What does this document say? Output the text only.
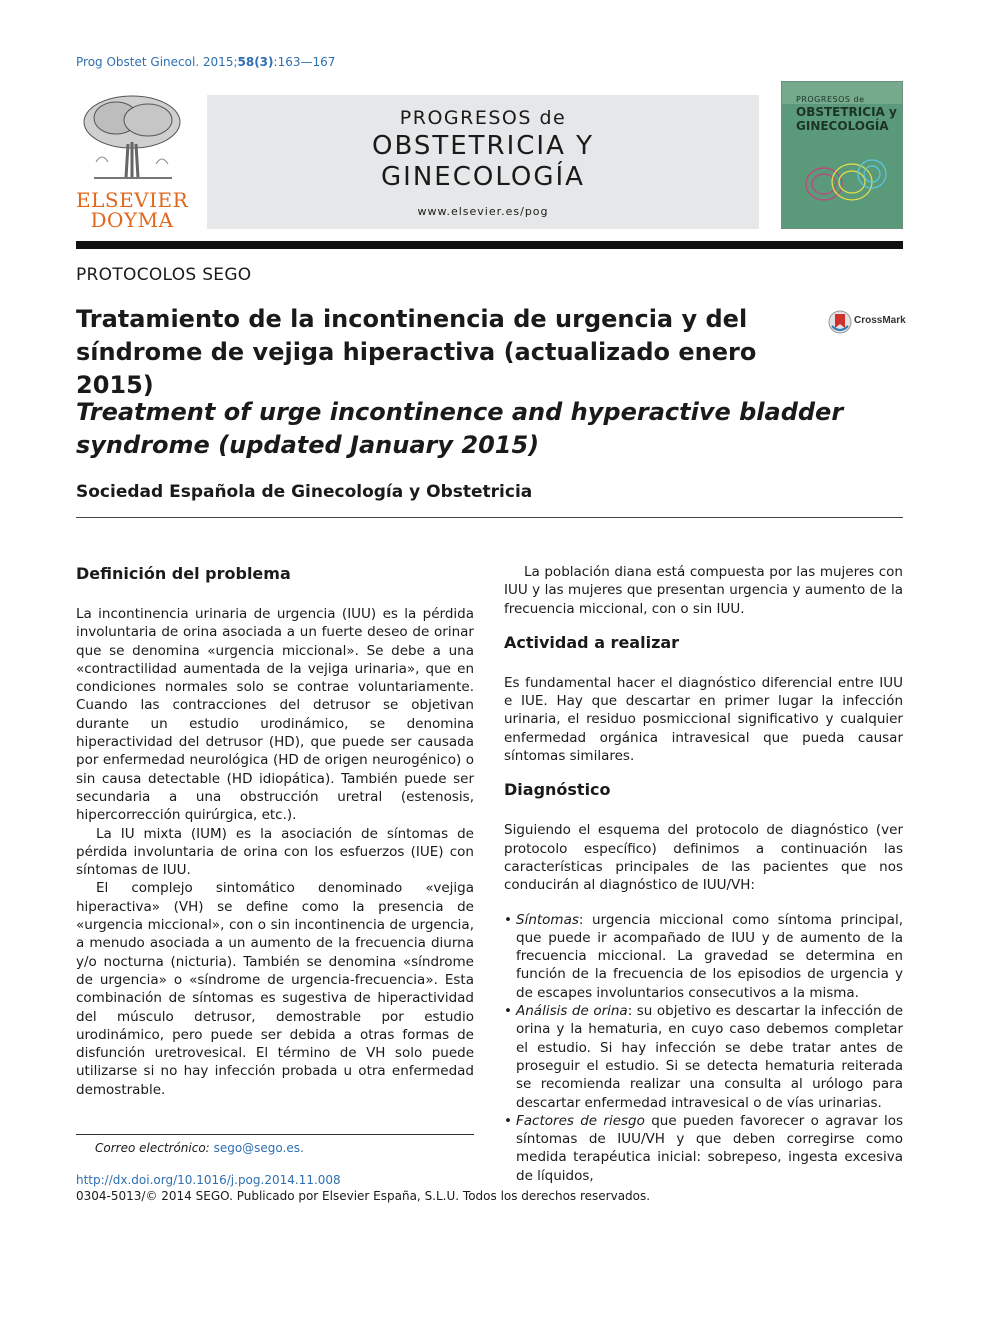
Prog Obstet Ginecol. 2015;58(3):163—167
ELSEVIER
DOYMA
PROGRESOS de
OBSTETRICIA Y
GINECOLOGÍA
www.elsevier.es/pog
PROGRESOS de
OBSTETRICIA y
GINECOLOGÍA
PROTOCOLOS SEGO
Tratamiento de la incontinencia de urgencia y del síndrome de vejiga hiperactiva (actualizado enero 2015)
CrossMark
Treatment of urge incontinence and hyperactive bladder syndrome (updated January 2015)
Sociedad Española de Ginecología y Obstetricia
Definición del problema

La incontinencia urinaria de urgencia (IUU) es la pérdida involuntaria de orina asociada a un fuerte deseo de orinar que se denomina «urgencia miccional». Se debe a una «contractilidad aumentada de la vejiga urinaria», que en condiciones normales solo se contrae voluntariamente. Cuando las contracciones del detrusor se objetivan durante un estudio urodinámico, se denomina hiperactividad del detrusor (HD), que puede ser causada por enfermedad neurológica (HD de origen neurogénico) o sin causa detectable (HD idiopática). También puede ser secundaria a una obstrucción uretral (estenosis, hipercorrección quirúrgica, etc.).

La IU mixta (IUM) es la asociación de síntomas de pérdida involuntaria de orina con los esfuerzos (IUE) con síntomas de IUU.

El complejo sintomático denominado «vejiga hiperactiva» (VH) se define como la presencia de «urgencia miccional», con o sin incontinencia de urgencia, a menudo asociada a un aumento de la frecuencia diurna y/o nocturna (nicturia). También se denomina «síndrome de urgencia» o «síndrome de urgencia-frecuencia». Esta combinación de síntomas es sugestiva de hiperactividad del músculo detrusor, demostrable por estudio urodinámico, pero puede ser debida a otras formas de disfunción uretrovesical. El término de VH solo puede utilizarse si no hay infección probada u otra enfermedad demostrable.

La población diana está compuesta por las mujeres con IUU y las mujeres que presentan urgencia y aumento de la frecuencia miccional, con o sin IUU.

Actividad a realizar

Es fundamental hacer el diagnóstico diferencial entre IUU e IUE. Hay que descartar en primer lugar la infección urinaria, el residuo posmiccional significativo y cualquier enfermedad orgánica intravesical que pueda causar síntomas similares.

Diagnóstico

Siguiendo el esquema del protocolo de diagnóstico (ver protocolo específico) definimos a continuación las características principales de las pacientes que nos conducirán al diagnóstico de IUU/VH:

• Síntomas: urgencia miccional como síntoma principal, que puede ir acompañado de IUU y de aumento de la frecuencia miccional. La gravedad se determina en función de la frecuencia de los episodios de urgencia y de escapes involuntarios consecutivos a la misma.
• Análisis de orina: su objetivo es descartar la infección de orina y la hematuria, en cuyo caso debemos completar el estudio. Si hay infección se debe tratar antes de proseguir el estudio. Si se detecta hematuria reiterada se recomienda realizar una consulta al urólogo para descartar enfermedad intravesical o de vías urinarias.
• Factores de riesgo que pueden favorecer o agravar los síntomas de IUU/VH y que deben corregirse como medida terapéutica inicial: sobrepeso, ingesta excesiva de líquidos,
Correo electrónico: sego@sego.es.
http://dx.doi.org/10.1016/j.pog.2014.11.008
0304-5013/© 2014 SEGO. Publicado por Elsevier España, S.L.U. Todos los derechos reservados.
